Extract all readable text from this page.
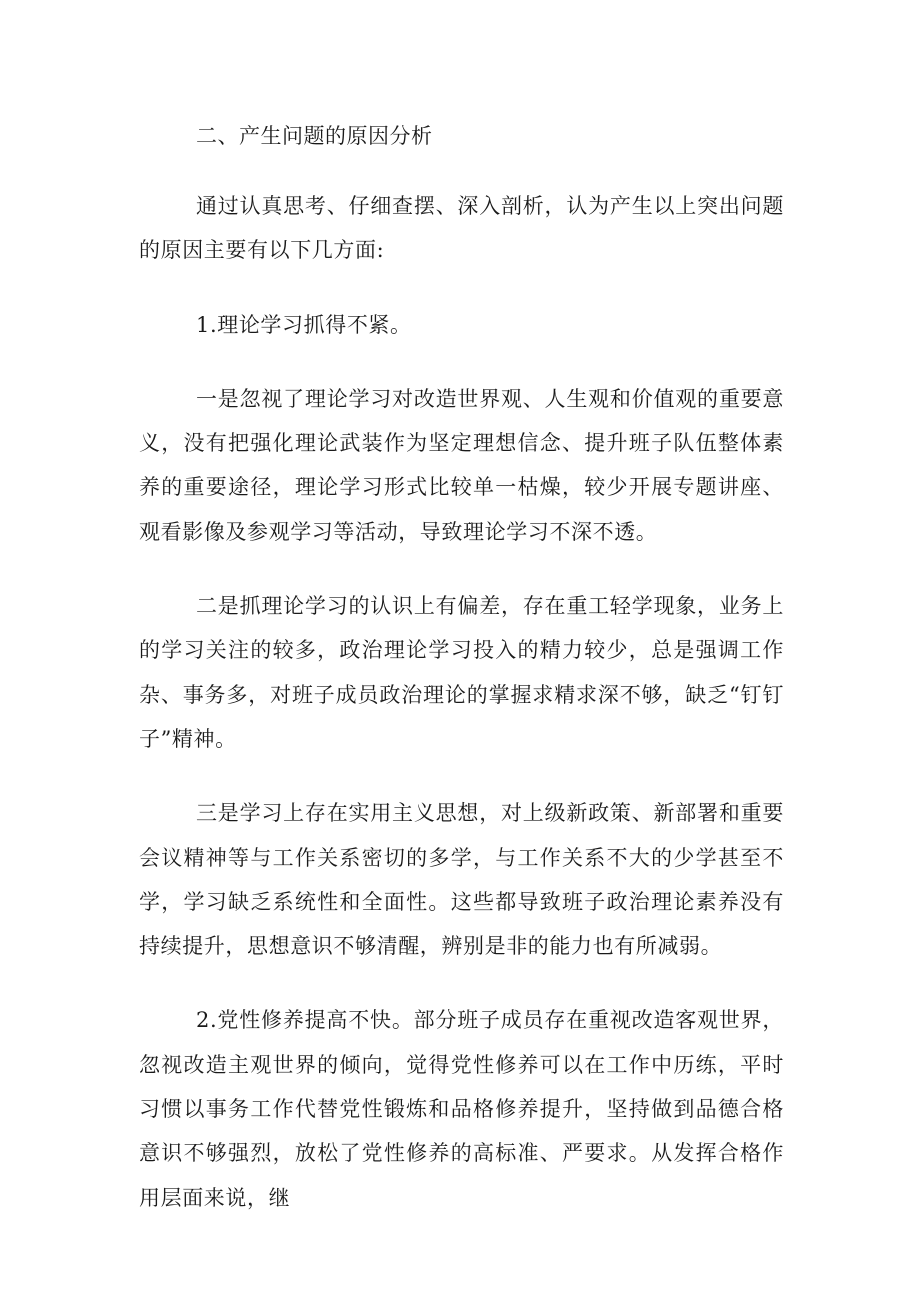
二、产生问题的原因分析

通过认真思考、仔细查摆、深入剖析，认为产生以上突出问题的原因主要有以下几方面:

1.理论学习抓得不紧。

一是忽视了理论学习对改造世界观、人生观和价值观的重要意义，没有把强化理论武装作为坚定理想信念、提升班子队伍整体素养的重要途径，理论学习形式比较单一枯燥，较少开展专题讲座、观看影像及参观学习等活动，导致理论学习不深不透。

二是抓理论学习的认识上有偏差，存在重工轻学现象，业务上的学习关注的较多，政治理论学习投入的精力较少，总是强调工作杂、事务多，对班子成员政治理论的掌握求精求深不够，缺乏“钉钉子”精神。

三是学习上存在实用主义思想，对上级新政策、新部署和重要会议精神等与工作关系密切的多学，与工作关系不大的少学甚至不学，学习缺乏系统性和全面性。这些都导致班子政治理论素养没有持续提升，思想意识不够清醒，辨别是非的能力也有所减弱。

2.党性修养提高不快。部分班子成员存在重视改造客观世界，忽视改造主观世界的倾向，觉得党性修养可以在工作中历练，平时习惯以事务工作代替党性锻炼和品格修养提升，坚持做到品德合格意识不够强烈，放松了党性修养的高标准、严要求。从发挥合格作用层面来说，继
